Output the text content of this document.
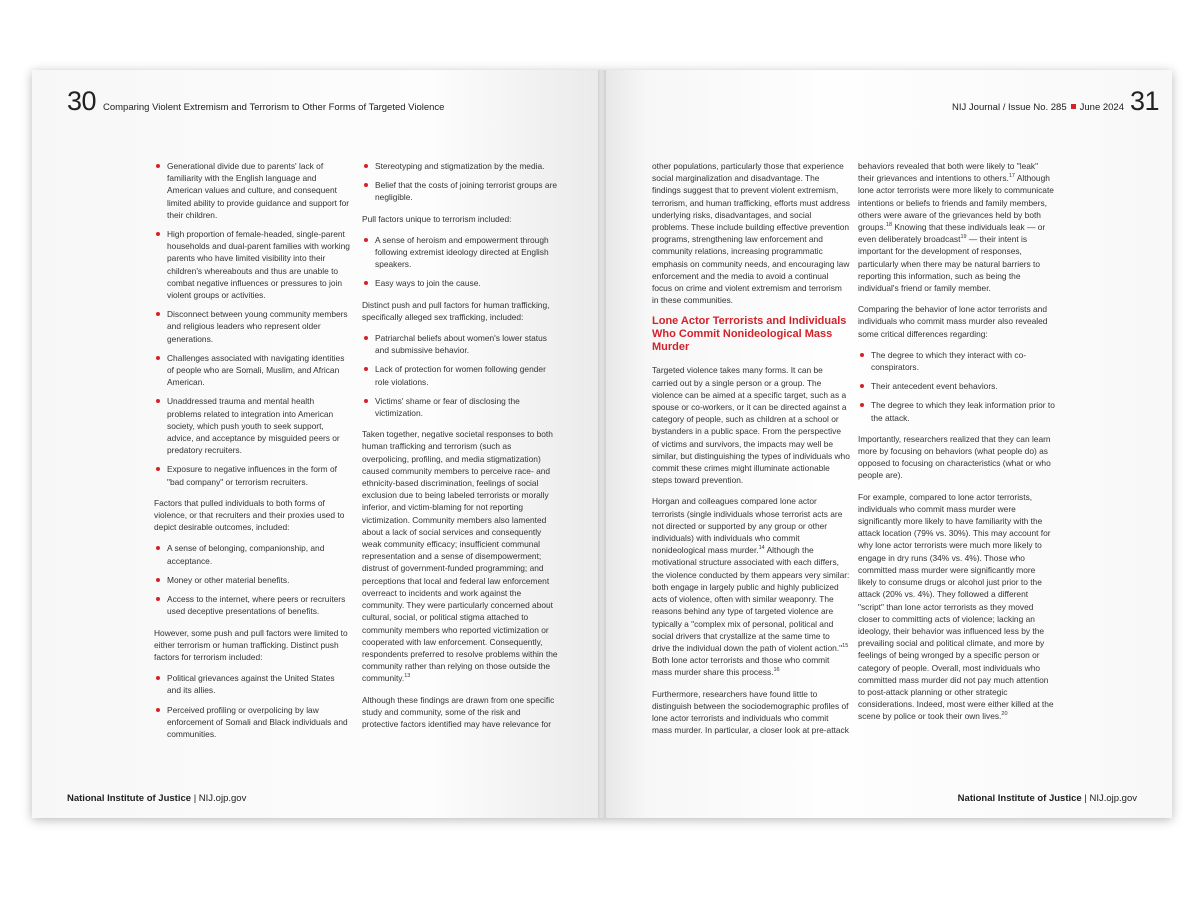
30 Comparing Violent Extremism and Terrorism to Other Forms of Targeted Violence
Generational divide due to parents' lack of familiarity with the English language and American values and culture, and consequent limited ability to provide guidance and support for their children.
High proportion of female-headed, single-parent households and dual-parent families with working parents who have limited visibility into their children's whereabouts and thus are unable to combat negative influences or pressures to join violent groups or activities.
Disconnect between young community members and religious leaders who represent older generations.
Challenges associated with navigating identities of people who are Somali, Muslim, and African American.
Unaddressed trauma and mental health problems related to integration into American society, which push youth to seek support, advice, and acceptance by misguided peers or predatory recruiters.
Exposure to negative influences in the form of "bad company" or terrorism recruiters.

Factors that pulled individuals to both forms of violence, or that recruiters and their proxies used to depict desirable outcomes, included:

A sense of belonging, companionship, and acceptance.
Money or other material benefits.
Access to the internet, where peers or recruiters used deceptive presentations of benefits.

However, some push and pull factors were limited to either terrorism or human trafficking. Distinct push factors for terrorism included:

Political grievances against the United States and its allies.
Perceived profiling or overpolicing by law enforcement of Somali and Black individuals and communities.
Stereotyping and stigmatization by the media.
Belief that the costs of joining terrorist groups are negligible.

Pull factors unique to terrorism included:

A sense of heroism and empowerment through following extremist ideology directed at English speakers.
Easy ways to join the cause.

Distinct push and pull factors for human trafficking, specifically alleged sex trafficking, included:

Patriarchal beliefs about women's lower status and submissive behavior.
Lack of protection for women following gender role violations.
Victims' shame or fear of disclosing the victimization.

Taken together, negative societal responses to both human trafficking and terrorism (such as overpolicing, profiling, and media stigmatization) caused community members to perceive race- and ethnicity-based discrimination, feelings of social exclusion due to being labeled terrorists or morally inferior, and victim-blaming for not reporting victimization. Community members also lamented about a lack of social services and consequently weak community efficacy; insufficient communal representation and a sense of disempowerment; distrust of government-funded programming; and perceptions that local and federal law enforcement overreact to incidents and work against the community. They were particularly concerned about cultural, social, or political stigma attached to community members who reported victimization or cooperated with law enforcement. Consequently, respondents preferred to resolve problems within the community rather than relying on those outside the community.$^{13}$

Although these findings are drawn from one specific study and community, some of the risk and protective factors identified may have relevance for

National Institute of Justice | NIJ.ojp.gov
NIJ Journal / Issue No. 285 June 2024 31

other populations, particularly those that experience social marginalization and disadvantage. The findings suggest that to prevent violent extremism, terrorism, and human trafficking, efforts must address underlying risks, disadvantages, and social problems. These include building effective prevention programs, strengthening law enforcement and community relations, increasing programmatic emphasis on community needs, and encouraging law enforcement and the media to avoid a continual focus on crime and violent extremism and terrorism in these communities.

Lone Actor Terrorists and Individuals Who Commit Nonideological Mass Murder

Targeted violence takes many forms. It can be carried out by a single person or a group. The violence can be aimed at a specific target, such as a spouse or co-workers, or it can be directed against a category of people, such as children at a school or bystanders in a public space. From the perspective of victims and survivors, the impacts may well be similar, but distinguishing the types of individuals who commit these crimes might illuminate actionable steps toward prevention.

Horgan and colleagues compared lone actor terrorists (single individuals whose terrorist acts are not directed or supported by any group or other individuals) with individuals who commit nonideological mass murder.$^{14}$ Although the motivational structure associated with each differs, the violence conducted by them appears very similar: both engage in largely public and highly publicized acts of violence, often with similar weaponry. The reasons behind any type of targeted violence are typically a "complex mix of personal, political and social drivers that crystallize at the same time to drive the individual down the path of violent action."$^{15}$ Both lone actor terrorists and those who commit mass murder share this process.$^{16}$

Furthermore, researchers have found little to distinguish between the sociodemographic profiles of lone actor terrorists and individuals who commit mass murder. In particular, a closer look at pre-attack

behaviors revealed that both were likely to "leak" their grievances and intentions to others.$^{17}$ Although lone actor terrorists were more likely to communicate intentions or beliefs to friends and family members, others were aware of the grievances held by both groups.$^{18}$ Knowing that these individuals leak — or even deliberately broadcast$^{19}$ — their intent is important for the development of responses, particularly when there may be natural barriers to reporting this information, such as being the individual's friend or family member.

Comparing the behavior of lone actor terrorists and individuals who commit mass murder also revealed some critical differences regarding:

The degree to which they interact with co-conspirators.
Their antecedent event behaviors.
The degree to which they leak information prior to the attack.

Importantly, researchers realized that they can learn more by focusing on behaviors (what people do) as opposed to focusing on characteristics (what or who people are).

For example, compared to lone actor terrorists, individuals who commit mass murder were significantly more likely to have familiarity with the attack location (79% vs. 30%). This may account for why lone actor terrorists were much more likely to engage in dry runs (34% vs. 4%). Those who committed mass murder were significantly more likely to consume drugs or alcohol just prior to the attack (20% vs. 4%). They followed a different "script" than lone actor terrorists as they moved closer to committing acts of violence; lacking an ideology, their behavior was influenced less by the prevailing social and political climate, and more by feelings of being wronged by a specific person or category of people. Overall, most individuals who committed mass murder did not pay much attention to post-attack planning or other strategic considerations. Indeed, most were either killed at the scene by police or took their own lives.$^{20}$

National Institute of Justice | NIJ.ojp.gov
